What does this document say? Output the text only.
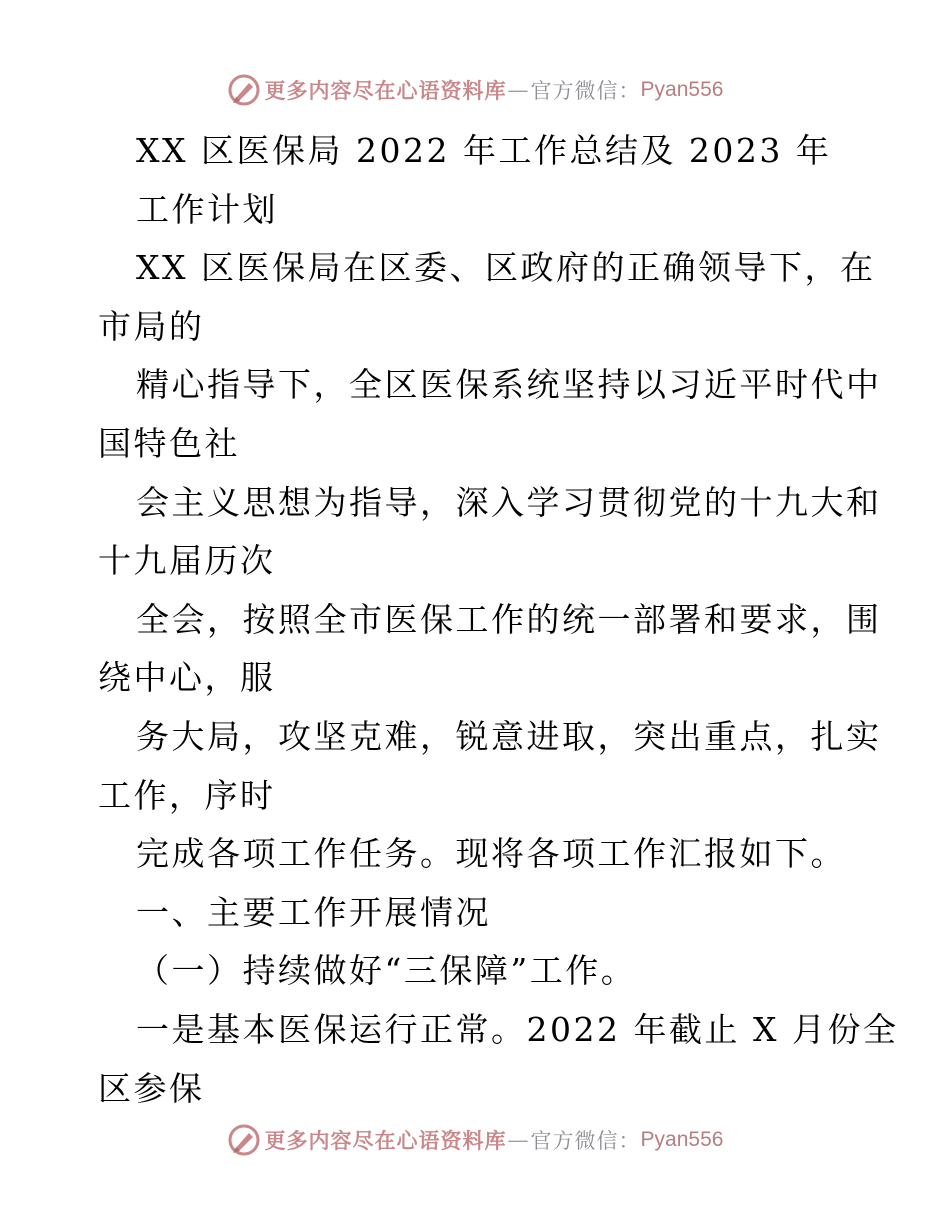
更多内容尽在心语资料库 — 官方微信： Pyan556
XX 区医保局 2022 年工作总结及 2023 年
工作计划
XX 区医保局在区委、区政府的正确领导下，在
市局的
精心指导下，全区医保系统坚持以习近平时代中
国特色社
会主义思想为指导，深入学习贯彻党的十九大和
十九届历次
全会，按照全市医保工作的统一部署和要求，围
绕中心，服
务大局，攻坚克难，锐意进取，突出重点，扎实
工作，序时
完成各项工作任务。现将各项工作汇报如下。
一、主要工作开展情况
（一）持续做好“三保障”工作。
一是基本医保运行正常。2022 年截止 X 月份全
区参保
更多内容尽在心语资料库 — 官方微信： Pyan556
